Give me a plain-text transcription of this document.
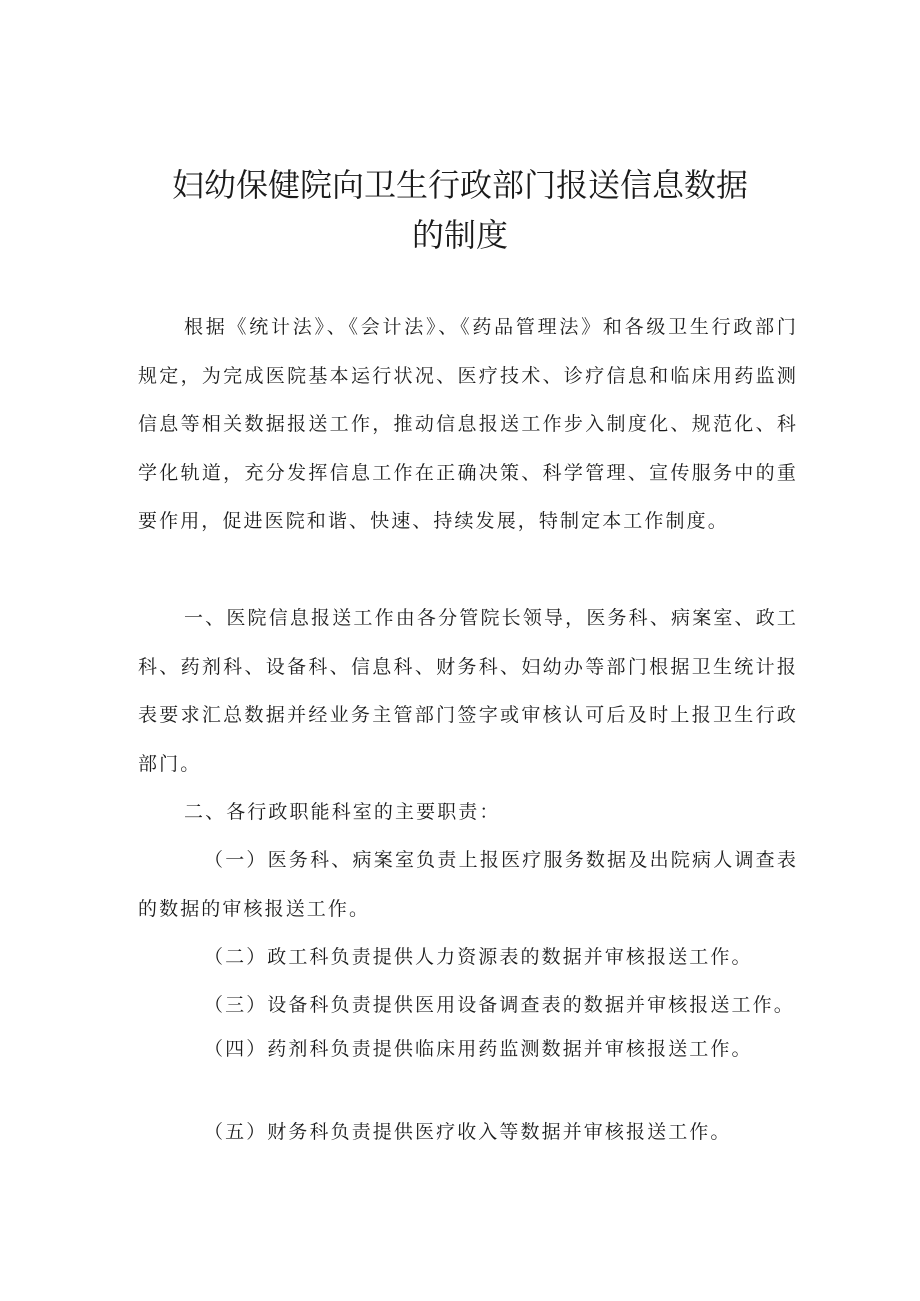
妇幼保健院向卫生行政部门报送信息数据
的制度

根据《统计法》、《会计法》、《药品管理法》和各级卫生行政部门规定，为完成医院基本运行状况、医疗技术、诊疗信息和临床用药监测信息等相关数据报送工作，推动信息报送工作步入制度化、规范化、科学化轨道，充分发挥信息工作在正确决策、科学管理、宣传服务中的重要作用，促进医院和谐、快速、持续发展，特制定本工作制度。

一、医院信息报送工作由各分管院长领导，医务科、病案室、政工科、药剂科、设备科、信息科、财务科、妇幼办等部门根据卫生统计报表要求汇总数据并经业务主管部门签字或审核认可后及时上报卫生行政部门。

二、各行政职能科室的主要职责：

（一）医务科、病案室负责上报医疗服务数据及出院病人调查表的数据的审核报送工作。

（二）政工科负责提供人力资源表的数据并审核报送工作。

（三）设备科负责提供医用设备调查表的数据并审核报送工作。

（四）药剂科负责提供临床用药监测数据并审核报送工作。

（五）财务科负责提供医疗收入等数据并审核报送工作。
